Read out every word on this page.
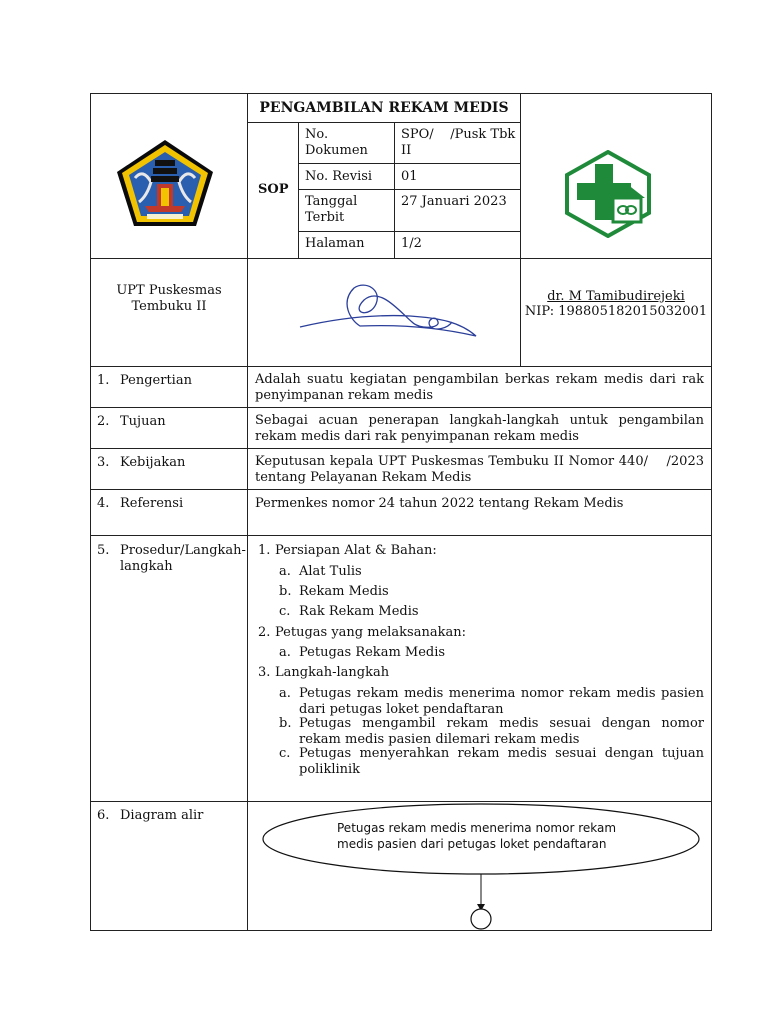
PENGAMBILAN REKAM MEDIS
SOP
No. Dokumen
SPO/    /Pusk Tbk II
No. Revisi 01
Tanggal Terbit
27 Januari 2023
Halaman	1/2
UPT Puskesmas Tembuku II
dr. M Tamibudirejeki
NIP: 198805182015032001
1. Pengertian
2. Tujuan
3. Kebijakan
4. Referensi
5. Prosedur/Langkah-langkah
6. Diagram alir
Adalah suatu kegiatan pengambilan berkas rekam medis dari rak penyimpanan rekam medis
Sebagai acuan penerapan langkah-langkah untuk pengambilan rekam medis dari rak penyimpanan rekam medis
Keputusan kepala UPT Puskesmas Tembuku II Nomor 440/    /2023 tentang Pelayanan Rekam Medis
Permenkes nomor 24 tahun 2022 tentang Rekam Medis
1. Persiapan Alat & Bahan:
a. Alat Tulis
b. Rekam Medis
c. Rak Rekam Medis
2. Petugas yang melaksanakan:
a. Petugas Rekam Medis
3. Langkah-langkah
a. Petugas rekam medis menerima nomor rekam medis pasien dari petugas loket pendaftaran
b. Petugas mengambil rekam medis sesuai dengan nomor rekam medis pasien dilemari rekam medis
c. Petugas menyerahkan rekam medis sesuai dengan tujuan poliklinik
Petugas rekam medis menerima nomor rekam medis pasien dari petugas loket pendaftaran
